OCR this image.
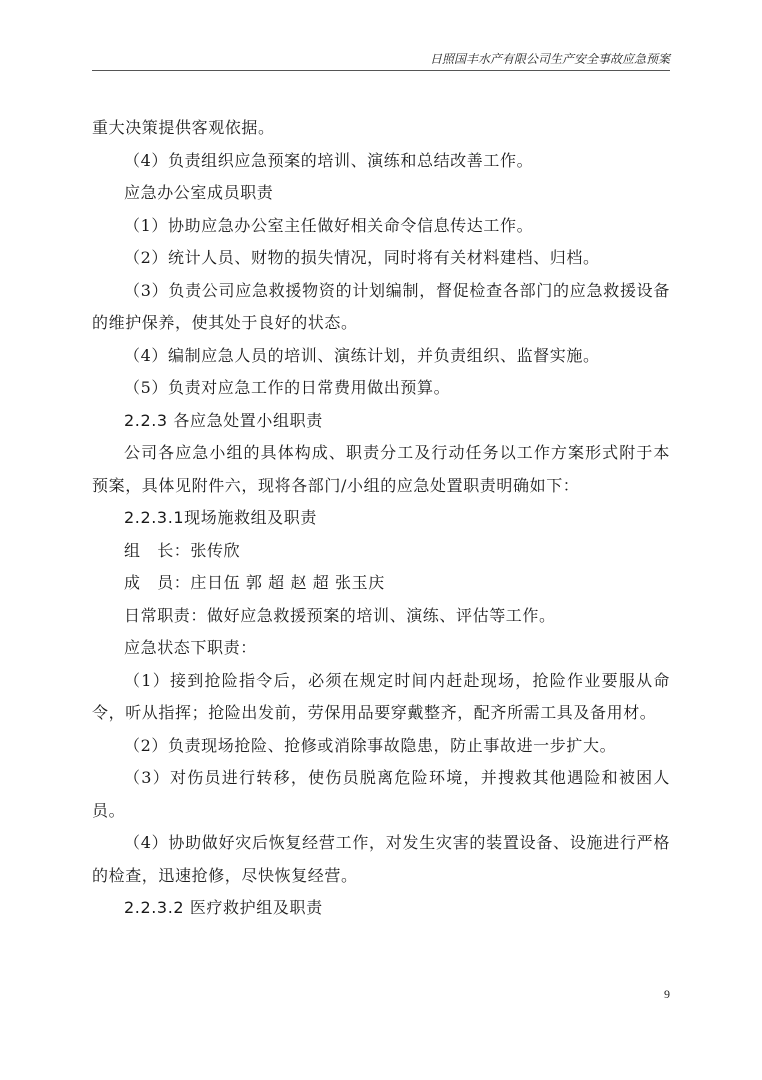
日照国丰水产有限公司生产安全事故应急预案

重大决策提供客观依据。

（4）负责组织应急预案的培训、演练和总结改善工作。

应急办公室成员职责

（1）协助应急办公室主任做好相关命令信息传达工作。

（2）统计人员、财物的损失情况，同时将有关材料建档、归档。

（3）负责公司应急救援物资的计划编制，督促检查各部门的应急救援设备的维护保养，使其处于良好的状态。

（4）编制应急人员的培训、演练计划，并负责组织、监督实施。

（5）负责对应急工作的日常费用做出预算。

2.2.3 各应急处置小组职责

公司各应急小组的具体构成、职责分工及行动任务以工作方案形式附于本预案，具体见附件六，现将各部门/小组的应急处置职责明确如下：

2.2.3.1现场施救组及职责

组　长：张传欣

成　员：庄日伍 郭 超 赵 超 张玉庆

日常职责：做好应急救援预案的培训、演练、评估等工作。

应急状态下职责：

（1）接到抢险指令后，必须在规定时间内赶赴现场，抢险作业要服从命令，听从指挥；抢险出发前，劳保用品要穿戴整齐，配齐所需工具及备用材。

（2）负责现场抢险、抢修或消除事故隐患，防止事故进一步扩大。

（3）对伤员进行转移，使伤员脱离危险环境，并搜救其他遇险和被困人员。

（4）协助做好灾后恢复经营工作，对发生灾害的装置设备、设施进行严格的检查，迅速抢修，尽快恢复经营。

2.2.3.2 医疗救护组及职责

9
